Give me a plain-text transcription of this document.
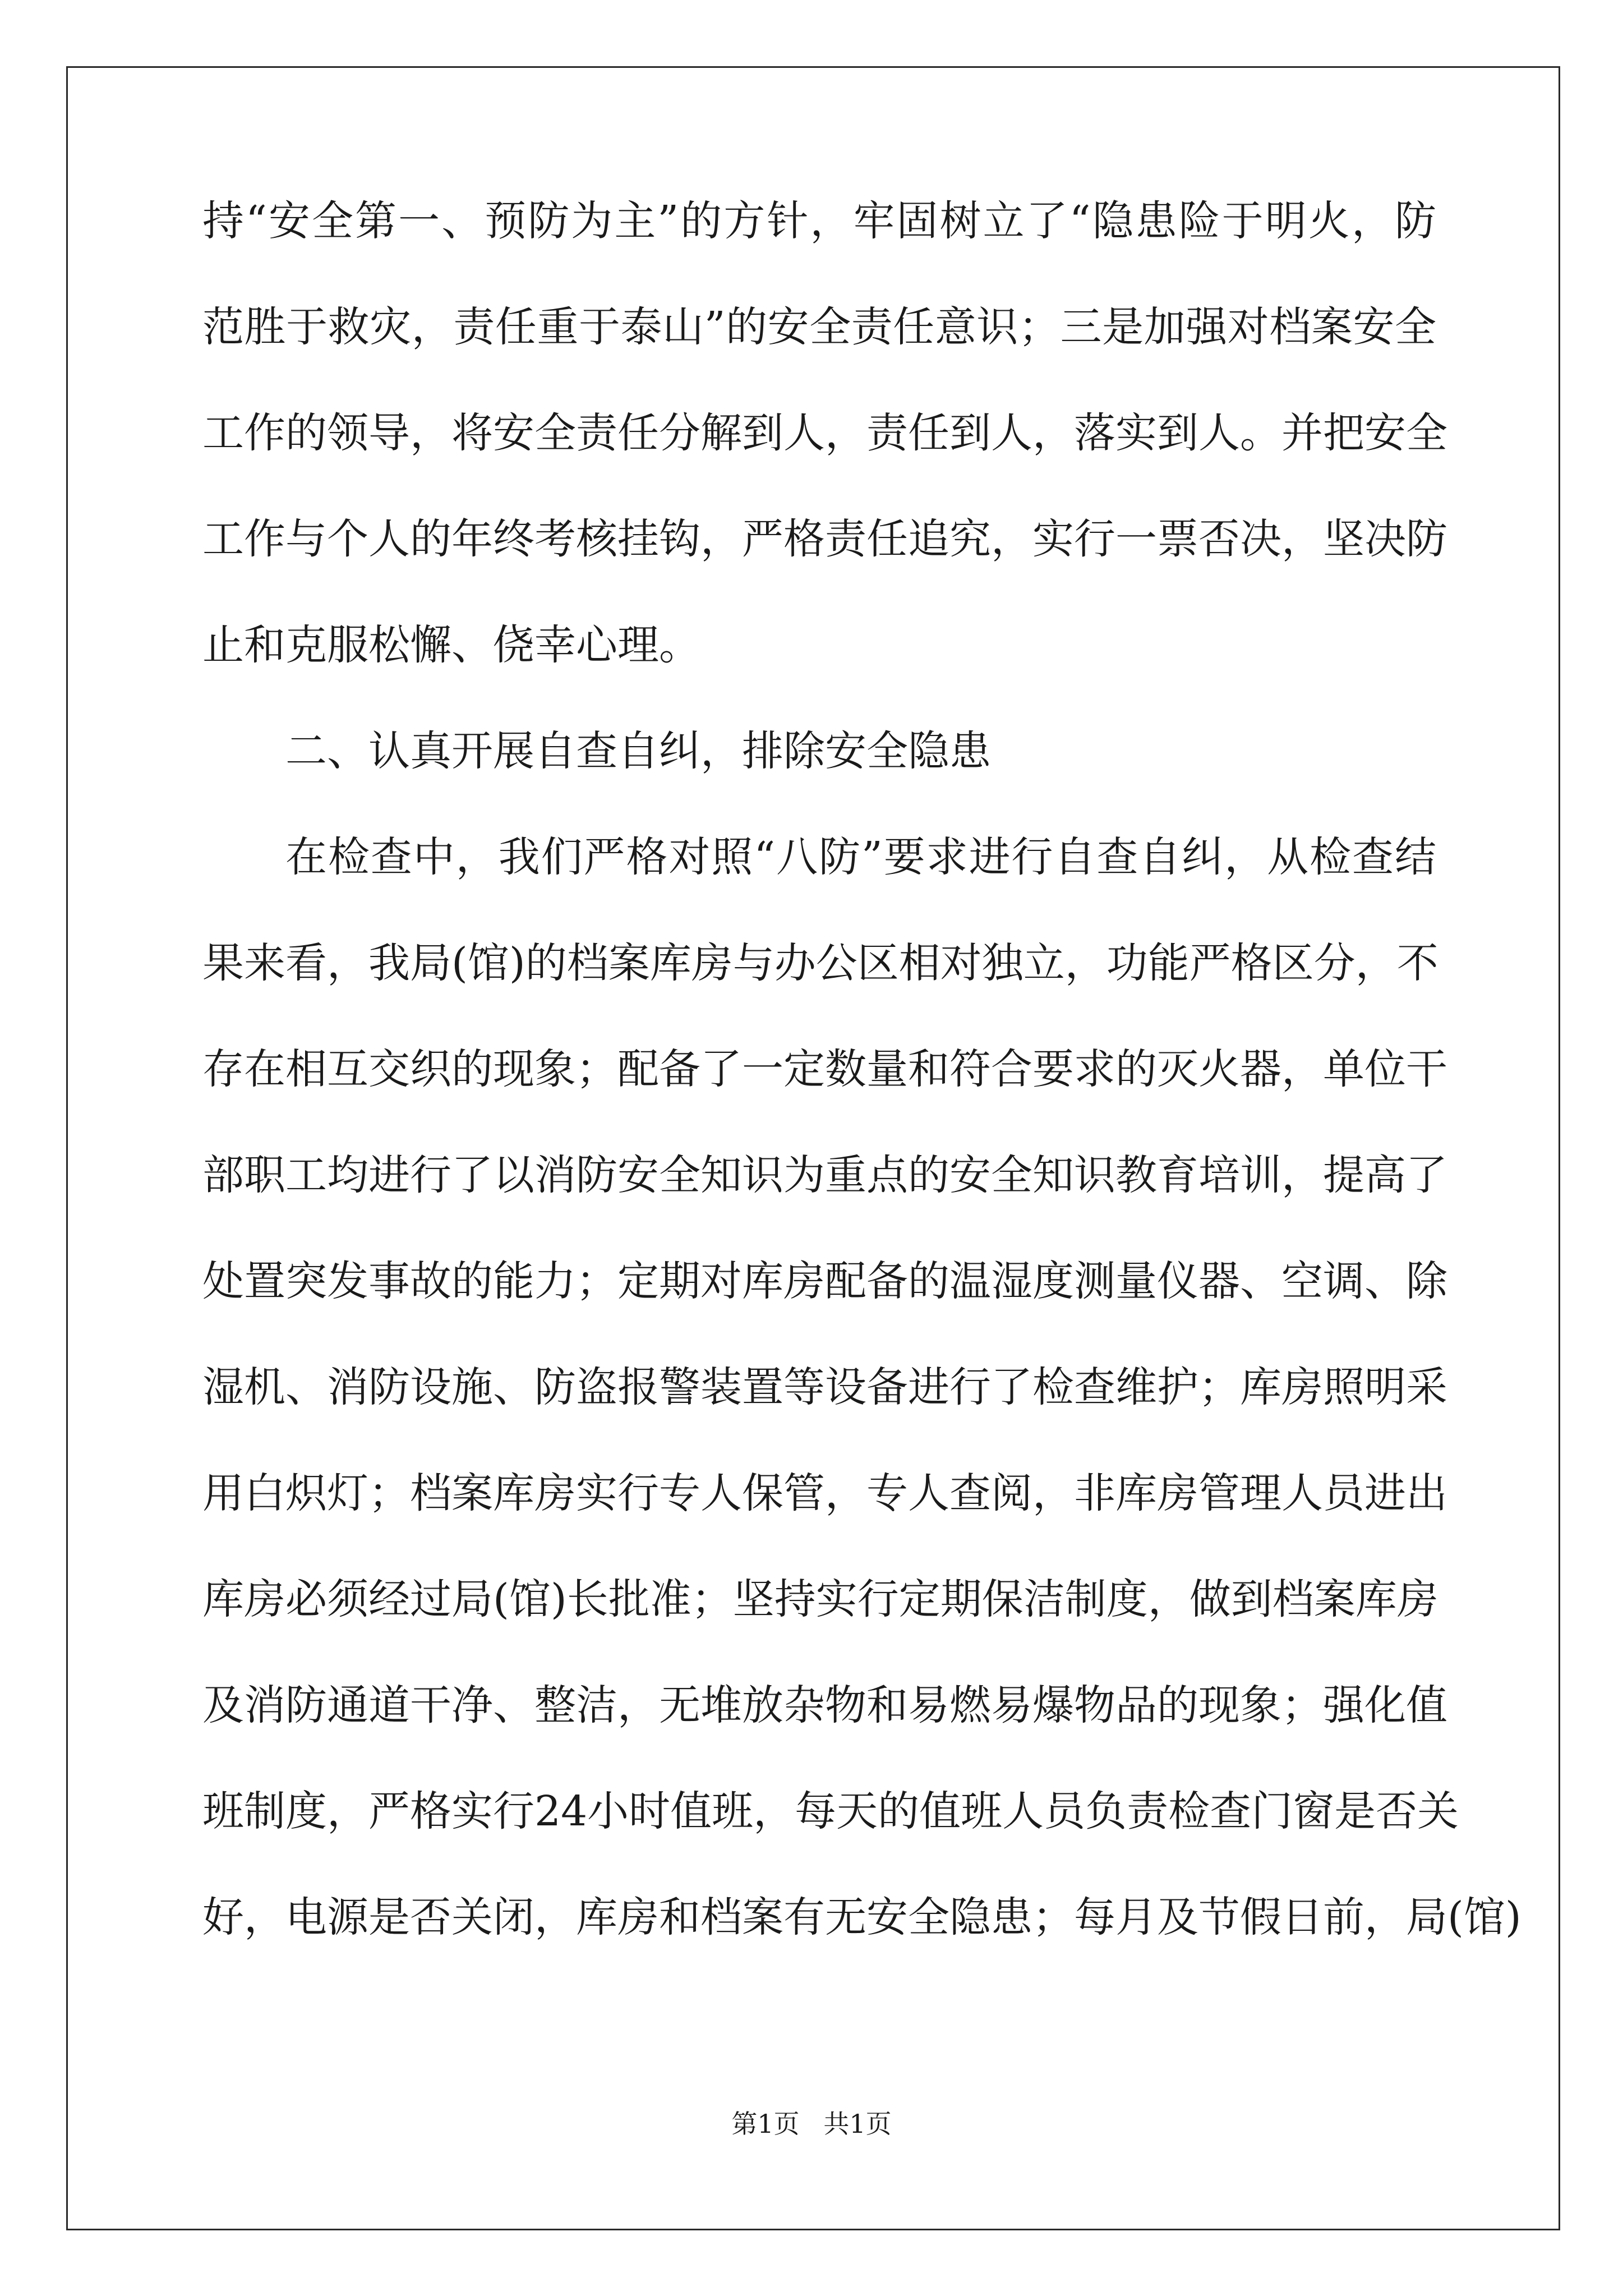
持“安全第一、预防为主”的方针，牢固树立了“隐患险于明火，防
范胜于救灾，责任重于泰山”的安全责任意识；三是加强对档案安全
工作的领导，将安全责任分解到人，责任到人，落实到人。并把安全
工作与个人的年终考核挂钩，严格责任追究，实行一票否决，坚决防
止和克服松懈、侥幸心理。
二、认真开展自查自纠，排除安全隐患
在检查中，我们严格对照“八防”要求进行自查自纠，从检查结
果来看，我局(馆)的档案库房与办公区相对独立，功能严格区分，不
存在相互交织的现象；配备了一定数量和符合要求的灭火器，单位干
部职工均进行了以消防安全知识为重点的安全知识教育培训，提高了
处置突发事故的能力；定期对库房配备的温湿度测量仪器、空调、除
湿机、消防设施、防盗报警装置等设备进行了检查维护；库房照明采
用白炽灯；档案库房实行专人保管，专人查阅，非库房管理人员进出
库房必须经过局(馆)长批准；坚持实行定期保洁制度，做到档案库房
及消防通道干净、整洁，无堆放杂物和易燃易爆物品的现象；强化值
班制度，严格实行24小时值班，每天的值班人员负责检查门窗是否关
好，电源是否关闭，库房和档案有无安全隐患；每月及节假日前，局(馆)
第1页 共1页
